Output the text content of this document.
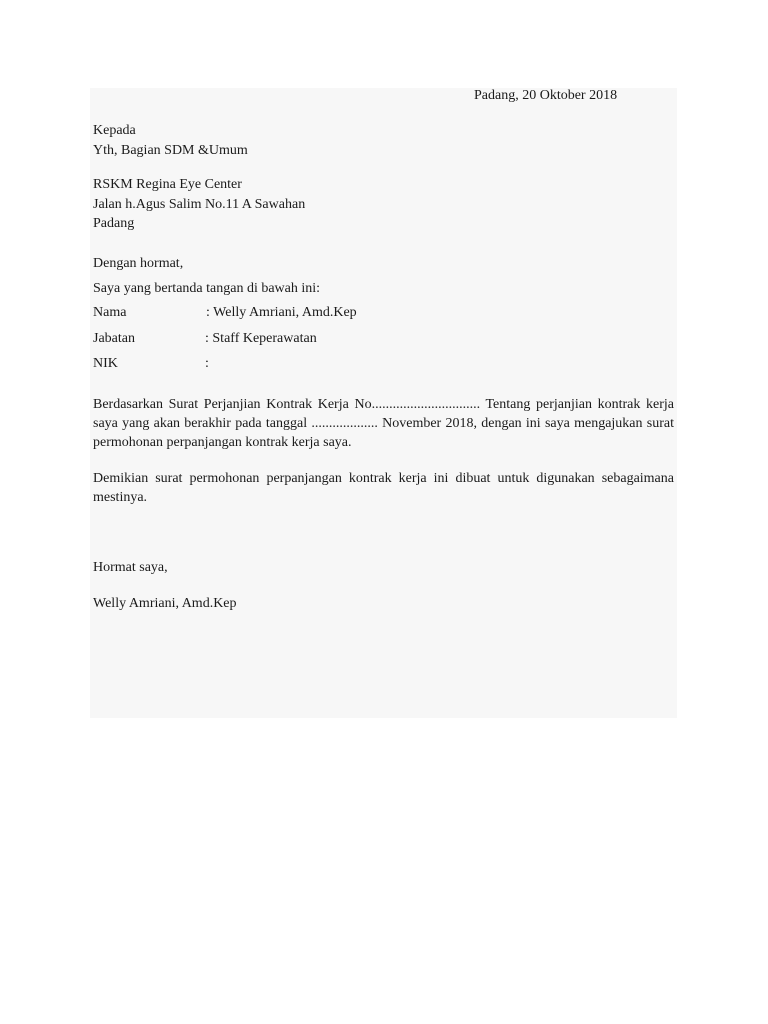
Padang, 20 Oktober 2018
Kepada
Yth, Bagian SDM &Umum
RSKM Regina Eye Center
Jalan h.Agus Salim No.11 A Sawahan
Padang
Dengan hormat,
Saya yang bertanda tangan di bawah ini:
Nama	: Welly Amriani, Amd.Kep
Jabatan	: Staff Keperawatan
NIK	:
Berdasarkan Surat Perjanjian Kontrak Kerja No............................... Tentang perjanjian kontrak kerja saya yang akan berakhir pada tanggal ................... November 2018, dengan ini saya mengajukan surat permohonan perpanjangan kontrak kerja saya.
Demikian surat permohonan perpanjangan kontrak kerja ini dibuat untuk digunakan sebagaimana mestinya.
Hormat saya,
Welly Amriani, Amd.Kep
